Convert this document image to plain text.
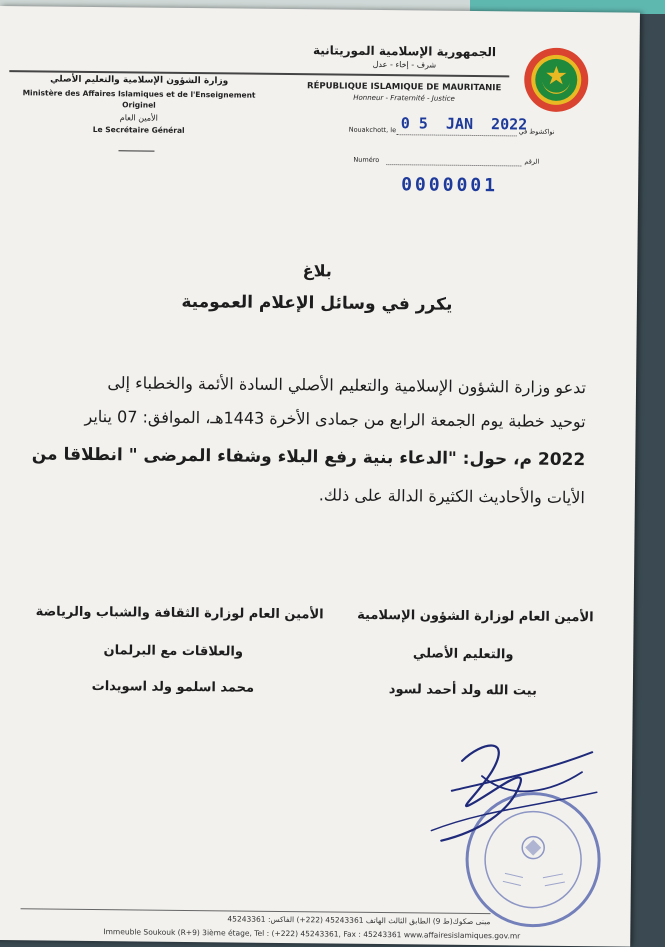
الجمهورية الإسلامية الموريتانية
شرف - إخاء - عدل
RÉPUBLIQUE ISLAMIQUE DE MAURITANIE
Honneur - Fraternité - Justice
وزارة الشؤون الإسلامية والتعليم الأصلي
Ministère des Affaires Islamiques et de l'Enseignement
Originel
الأمين العام
Le Secrétaire Général	Nouakchott, le	نواكشوط في
0 5  JAN  2022
Numéro	الرقم
0000001
بلاغ
يكرر في وسائل الإعلام العمومية
تدعو وزارة الشؤون الإسلامية والتعليم الأصلي السادة الأئمة والخطباء إلى
توحيد خطبة يوم الجمعة الرابع من جمادى الأخرة 1443هـ، الموافق: 07 يناير
2022 م، حول: "الدعاء بنية رفع البلاء وشفاء المرضى " انطلاقا من
الأيات والأحاديث الكثيرة الدالة على ذلك.
الأمين العام لوزارة الشؤون الإسلامية
والتعليم الأصلي
بيت الله ولد أحمد لسود
الأمين العام لوزارة الثقافة والشباب والرياضة
والعلاقات مع البرلمان
محمد اسلمو ولد اسويدات
مبنى صكوك(ط 9) الطابق الثالث الهاتف 45243361 (222+) الفاكس: 45243361
Immeuble Soukouk (R+9) 3ième étage, Tel : (+222) 45243361, Fax : 45243361 www.affairesislamiques.gov.mr
